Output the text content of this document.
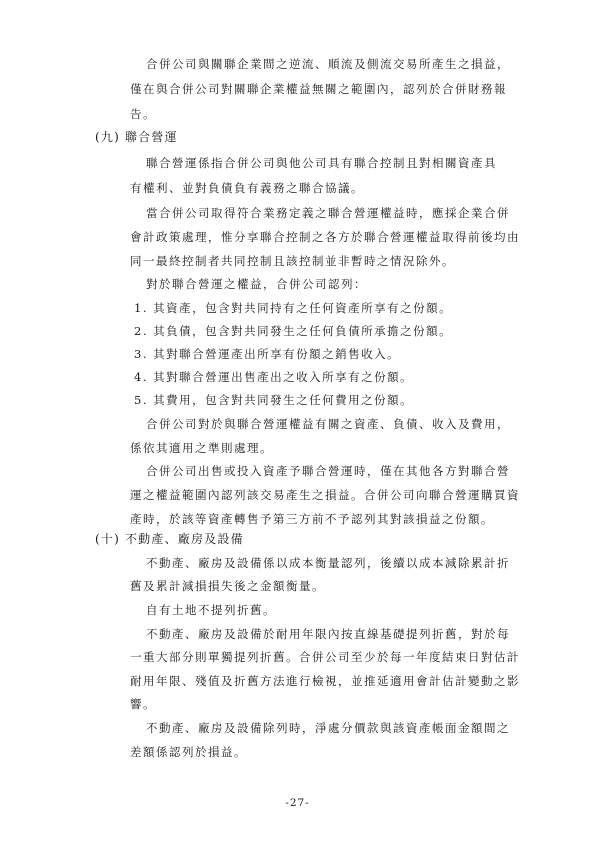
合併公司與關聯企業間之逆流、順流及側流交易所產生之損益，
僅在與合併公司對關聯企業權益無關之範圍內，認列於合併財務報
告。
(九) 聯合營運
聯合營運係指合併公司與他公司具有聯合控制且對相關資產具
有權利、並對負債負有義務之聯合協議。
當合併公司取得符合業務定義之聯合營運權益時，應採企業合併
會計政策處理，惟分享聯合控制之各方於聯合營運權益取得前後均由
同一最終控制者共同控制且該控制並非暫時之情況除外。
對於聯合營運之權益，合併公司認列：
1. 其資產，包含對共同持有之任何資產所享有之份額。
2. 其負債，包含對共同發生之任何負債所承擔之份額。
3. 其對聯合營運產出所享有份額之銷售收入。
4. 其對聯合營運出售產出之收入所享有之份額。
5. 其費用，包含對共同發生之任何費用之份額。
合併公司對於與聯合營運權益有關之資產、負債、收入及費用，
係依其適用之準則處理。
合併公司出售或投入資產予聯合營運時，僅在其他各方對聯合營
運之權益範圍內認列該交易產生之損益。合併公司向聯合營運購買資
產時，於該等資產轉售予第三方前不予認列其對該損益之份額。
(十) 不動產、廠房及設備
不動產、廠房及設備係以成本衡量認列，後續以成本減除累計折
舊及累計減損損失後之金額衡量。
自有土地不提列折舊。
不動產、廠房及設備於耐用年限內按直線基礎提列折舊，對於每
一重大部分則單獨提列折舊。合併公司至少於每一年度結束日對估計
耐用年限、殘值及折舊方法進行檢視，並推延適用會計估計變動之影
響。
不動產、廠房及設備除列時，淨處分價款與該資產帳面金額間之
差額係認列於損益。
-27-
